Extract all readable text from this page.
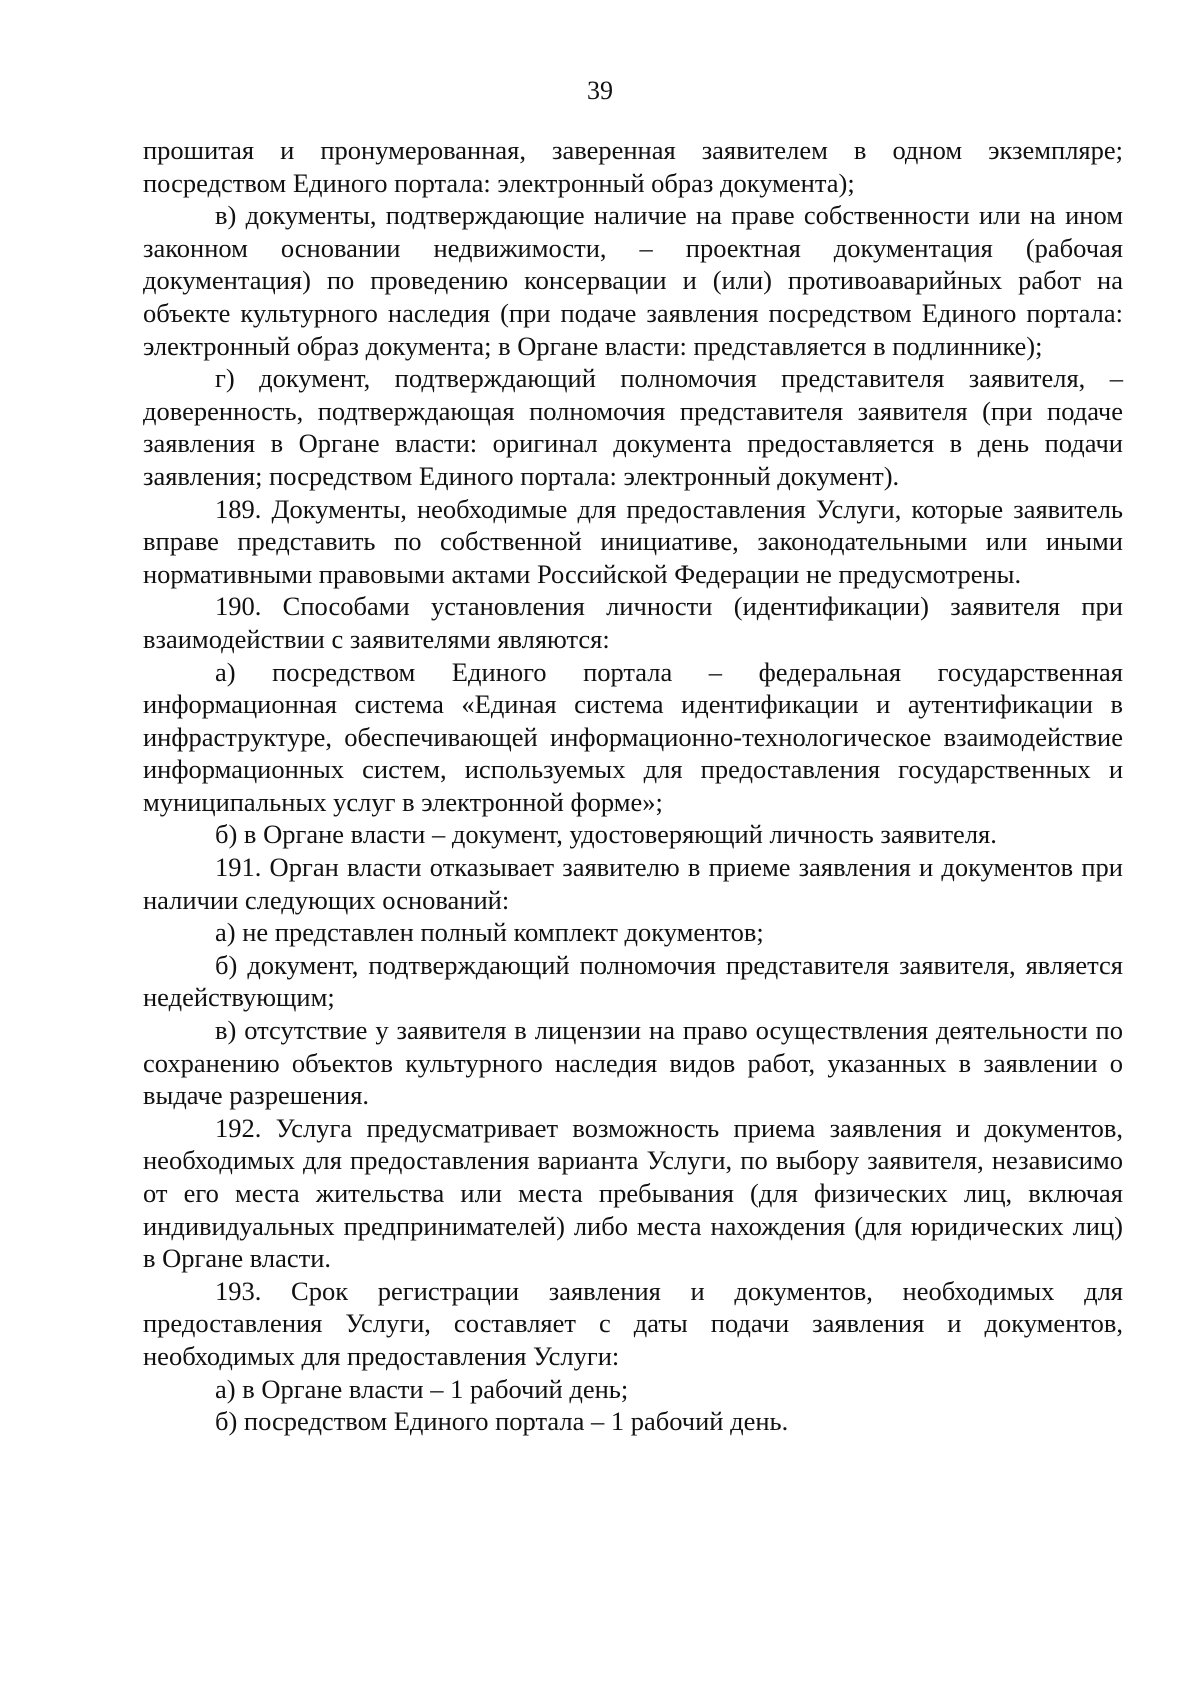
39

прошитая и пронумерованная, заверенная заявителем в одном экземпляре; посредством Единого портала: электронный образ документа);

в) документы, подтверждающие наличие на праве собственности или на ином законном основании недвижимости, – проектная документация (рабочая документация) по проведению консервации и (или) противоаварийных работ на объекте культурного наследия (при подаче заявления посредством Единого портала: электронный образ документа; в Органе власти: представляется в подлиннике);

г) документ, подтверждающий полномочия представителя заявителя, – доверенность, подтверждающая полномочия представителя заявителя (при подаче заявления в Органе власти: оригинал документа предоставляется в день подачи заявления; посредством Единого портала: электронный документ).

189. Документы, необходимые для предоставления Услуги, которые заявитель вправе представить по собственной инициативе, законодательными или иными нормативными правовыми актами Российской Федерации не предусмотрены.

190. Способами установления личности (идентификации) заявителя при взаимодействии с заявителями являются:

а) посредством Единого портала – федеральная государственная информационная система «Единая система идентификации и аутентификации в инфраструктуре, обеспечивающей информационно-технологическое взаимодействие информационных систем, используемых для предоставления государственных и муниципальных услуг в электронной форме»;

б) в Органе власти – документ, удостоверяющий личность заявителя.

191. Орган власти отказывает заявителю в приеме заявления и документов при наличии следующих оснований:

а) не представлен полный комплект документов;

б) документ, подтверждающий полномочия представителя заявителя, является недействующим;

в) отсутствие у заявителя в лицензии на право осуществления деятельности по сохранению объектов культурного наследия видов работ, указанных в заявлении о выдаче разрешения.

192. Услуга предусматривает возможность приема заявления и документов, необходимых для предоставления варианта Услуги, по выбору заявителя, независимо от его места жительства или места пребывания (для физических лиц, включая индивидуальных предпринимателей) либо места нахождения (для юридических лиц) в Органе власти.

193. Срок регистрации заявления и документов, необходимых для предоставления Услуги, составляет с даты подачи заявления и документов, необходимых для предоставления Услуги:

а) в Органе власти – 1 рабочий день;

б) посредством Единого портала – 1 рабочий день.
